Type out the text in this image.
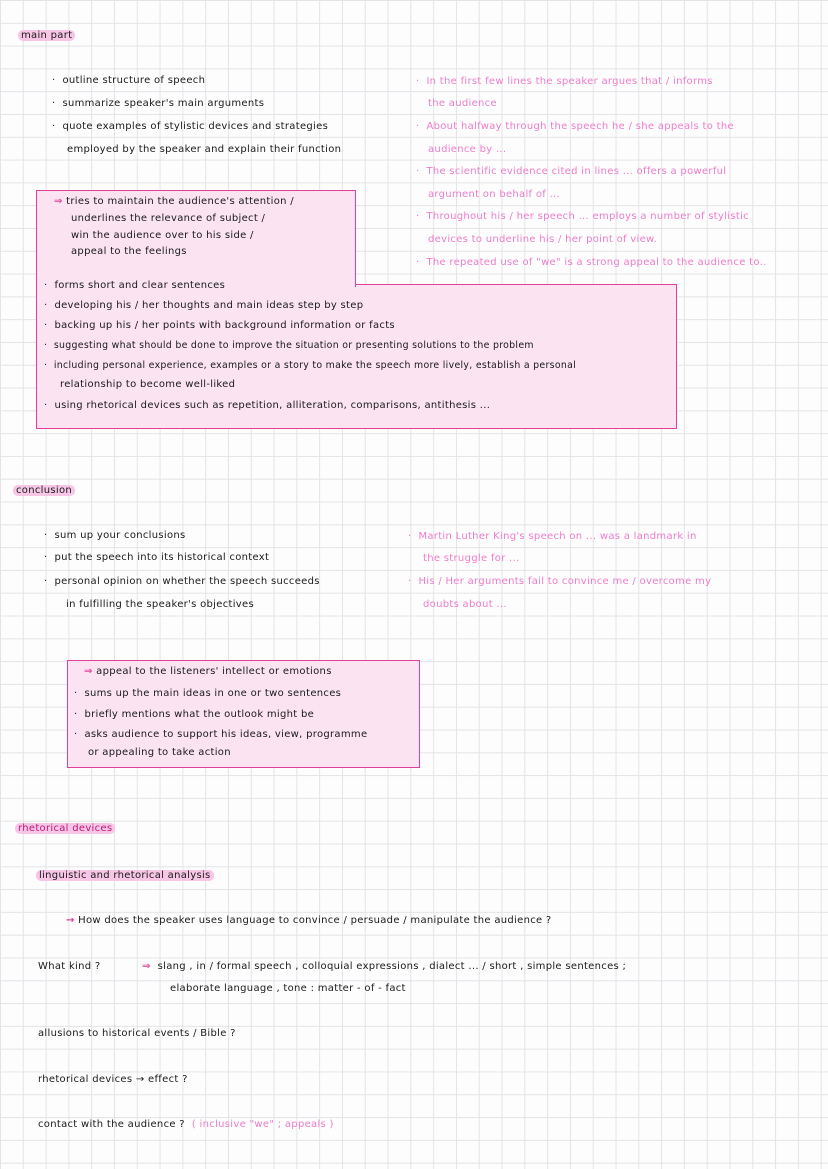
main part
·  outline structure of speech
·  summarize speaker's main arguments
·  quote examples of stylistic devices and strategies
employed by the speaker and explain their function
·  In the first few lines the speaker argues that / informs
the audience
·  About halfway through the speech he / she appeals to the
audience by ...
·  The scientific evidence cited in lines ... offers a powerful
argument on behalf of ...
·  Throughout his / her speech ... employs a number of stylistic
devices to underline his / her point of view.
·  The repeated use of "we" is a strong appeal to the audience to..
⇒ tries to maintain the audience's attention /
underlines the relevance of subject /
win the audience over to his side /
appeal to the feelings
·  forms short and clear sentences
·  developing his / her thoughts and main ideas step by step
·  backing up his / her points with background information or facts
·  suggesting what should be done to improve the situation or presenting solutions to the problem
·  including personal experience, examples or a story to make the speech more lively, establish a personal
relationship to become well-liked
·  using rhetorical devices such as repetition, alliteration, comparisons, antithesis ...
conclusion
·  sum up your conclusions
·  put the speech into its historical context
·  personal opinion on whether the speech succeeds
in fulfilling the speaker's objectives
·  Martin Luther King's speech on ... was a landmark in
the struggle for ...
·  His / Her arguments fail to convince me / overcome my
doubts about ...
⇒ appeal to the listeners' intellect or emotions
·  sums up the main ideas in one or two sentences
·  briefly mentions what the outlook might be
·  asks audience to support his ideas, view, programme
or appealing to take action
rhetorical devices
linguistic and rhetorical analysis
→ How does the speaker uses language to convince / persuade / manipulate the audience ?
What kind ?	⇒ slang , in / formal speech , colloquial expressions , dialect ... / short , simple sentences ;
elaborate language , tone : matter - of - fact
allusions to historical events / Bible ?
rhetorical devices → effect ?
contact with the audience ? ( inclusive "we" ; appeals )
